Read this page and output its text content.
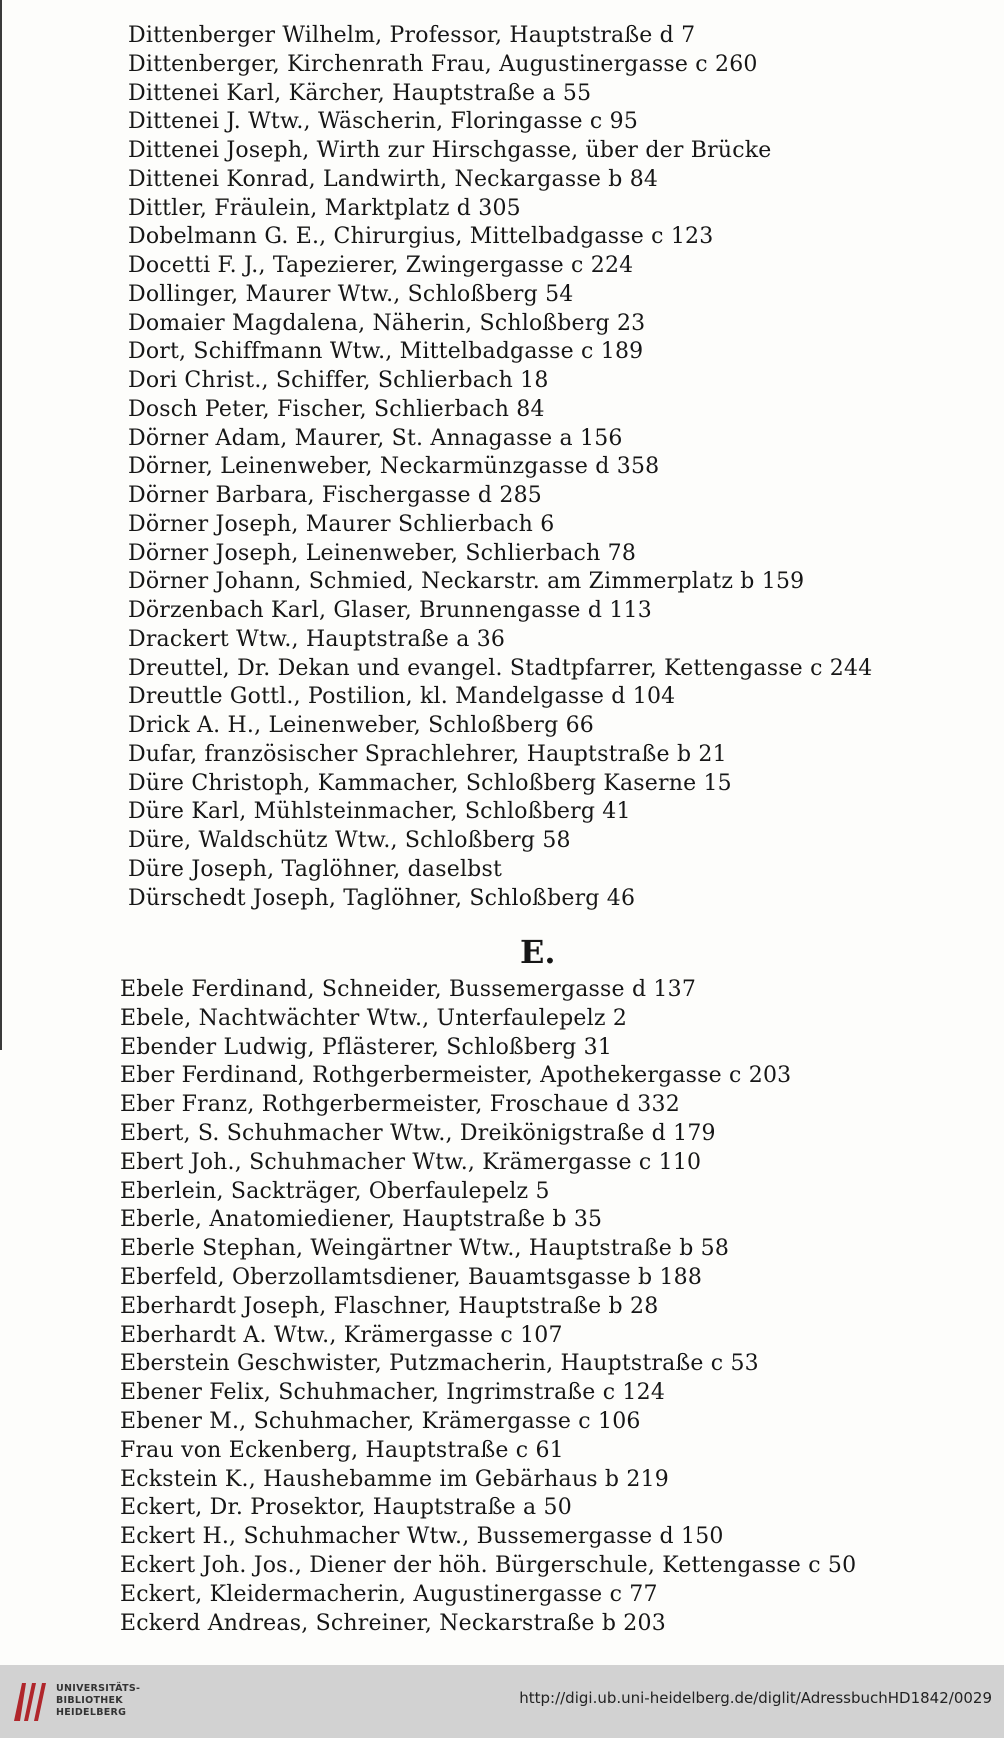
Dittenberger Wilhelm, Professor, Hauptstraße d 7
Dittenberger, Kirchenrath Frau, Augustinergasse c 260
Dittenei Karl, Kärcher, Hauptstraße a 55
Dittenei J. Wtw., Wäscherin, Floringasse c 95
Dittenei Joseph, Wirth zur Hirschgasse, über der Brücke
Dittenei Konrad, Landwirth, Neckargasse b 84
Dittler, Fräulein, Marktplatz d 305
Dobelmann G. E., Chirurgius, Mittelbadgasse c 123
Docetti F. J., Tapezierer, Zwingergasse c 224
Dollinger, Maurer Wtw., Schloßberg 54
Domaier Magdalena, Näherin, Schloßberg 23
Dort, Schiffmann Wtw., Mittelbadgasse c 189
Dori Christ., Schiffer, Schlierbach 18
Dosch Peter, Fischer, Schlierbach 84
Dörner Adam, Maurer, St. Annagasse a 156
Dörner, Leinenweber, Neckarmünzgasse d 358
Dörner Barbara, Fischergasse d 285
Dörner Joseph, Maurer Schlierbach 6
Dörner Joseph, Leinenweber, Schlierbach 78
Dörner Johann, Schmied, Neckarstr. am Zimmerplatz b 159
Dörzenbach Karl, Glaser, Brunnengasse d 113
Drackert Wtw., Hauptstraße a 36
Dreuttel, Dr. Dekan und evangel. Stadtpfarrer, Kettengasse c 244
Dreuttle Gottl., Postilion, kl. Mandelgasse d 104
Drick A. H., Leinenweber, Schloßberg 66
Dufar, französischer Sprachlehrer, Hauptstraße b 21
Düre Christoph, Kammacher, Schloßberg Kaserne 15
Düre Karl, Mühlsteinmacher, Schloßberg 41
Düre, Waldschütz Wtw., Schloßberg 58
Düre Joseph, Taglöhner, daselbst
Dürschedt Joseph, Taglöhner, Schloßberg 46
E.
Ebele Ferdinand, Schneider, Bussemergasse d 137
Ebele, Nachtwächter Wtw., Unterfaulepelz 2
Ebender Ludwig, Pflästerer, Schloßberg 31
Eber Ferdinand, Rothgerbermeister, Apothekergasse c 203
Eber Franz, Rothgerbermeister, Froschaue d 332
Ebert, S. Schuhmacher Wtw., Dreikönigstraße d 179
Ebert Joh., Schuhmacher Wtw., Krämergasse c 110
Eberlein, Sackträger, Oberfaulepelz 5
Eberle, Anatomiediener, Hauptstraße b 35
Eberle Stephan, Weingärtner Wtw., Hauptstraße b 58
Eberfeld, Oberzollamtsdiener, Bauamtsgasse b 188
Eberhardt Joseph, Flaschner, Hauptstraße b 28
Eberhardt A. Wtw., Krämergasse c 107
Eberstein Geschwister, Putzmacherin, Hauptstraße c 53
Ebener Felix, Schuhmacher, Ingrimstraße c 124
Ebener M., Schuhmacher, Krämergasse c 106
Frau von Eckenberg, Hauptstraße c 61
Eckstein K., Haushebamme im Gebärhaus b 219
Eckert, Dr. Prosektor, Hauptstraße a 50
Eckert H., Schuhmacher Wtw., Bussemergasse d 150
Eckert Joh. Jos., Diener der höh. Bürgerschule, Kettengasse c 50
Eckert, Kleidermacherin, Augustinergasse c 77
Eckerd Andreas, Schreiner, Neckarstraße b 203
UNIVERSITÄTS-
BIBLIOTHEK
HEIDELBERG
http://digi.ub.uni-heidelberg.de/diglit/AdressbuchHD1842/0029
